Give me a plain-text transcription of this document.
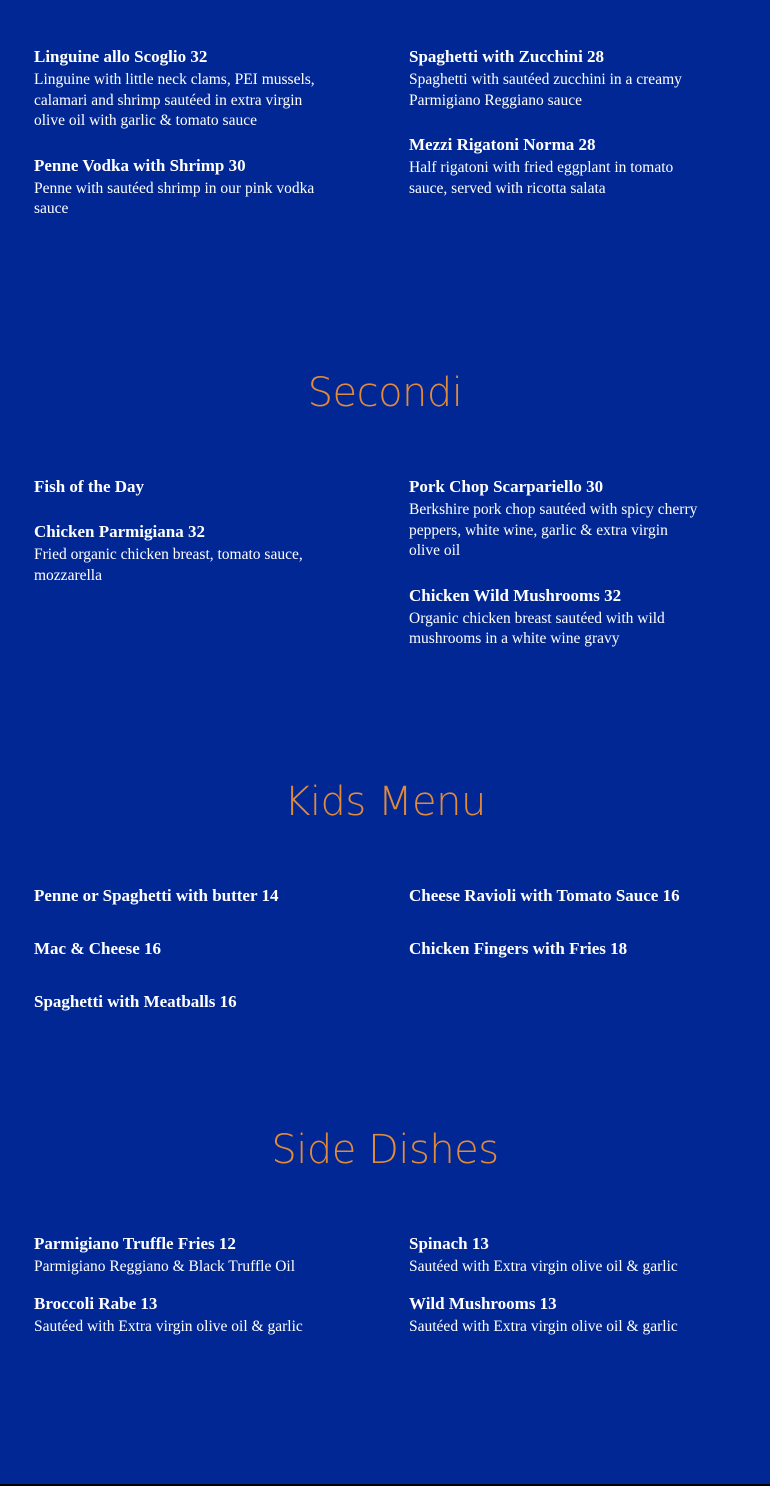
Linguine allo Scoglio 32

Linguine with little neck clams, PEI mussels, calamari and shrimp sautéed in extra virgin olive oil with garlic & tomato sauce

Penne Vodka with Shrimp 30

Penne with sautéed shrimp in our pink vodka sauce

Spaghetti with Zucchini 28

Spaghetti with sautéed zucchini in a creamy Parmigiano Reggiano sauce

Mezzi Rigatoni Norma 28

Half rigatoni with fried eggplant in tomato sauce, served with ricotta salata

Secondi

Fish of the Day

Chicken Parmigiana 32

Fried organic chicken breast, tomato sauce, mozzarella

Pork Chop Scarpariello 30

Berkshire pork chop sautéed with spicy cherry peppers, white wine, garlic & extra virgin olive oil

Chicken Wild Mushrooms 32

Organic chicken breast sautéed with wild mushrooms in a white wine gravy

Kids Menu

Penne or Spaghetti with butter 14

Mac & Cheese 16

Spaghetti with Meatballs 16

Cheese Ravioli with Tomato Sauce 16

Chicken Fingers with Fries 18

Side Dishes

Parmigiano Truffle Fries 12

Parmigiano Reggiano & Black Truffle Oil

Broccoli Rabe 13

Sautéed with Extra virgin olive oil & garlic

Spinach 13

Sautéed with Extra virgin olive oil & garlic

Wild Mushrooms 13

Sautéed with Extra virgin olive oil & garlic
